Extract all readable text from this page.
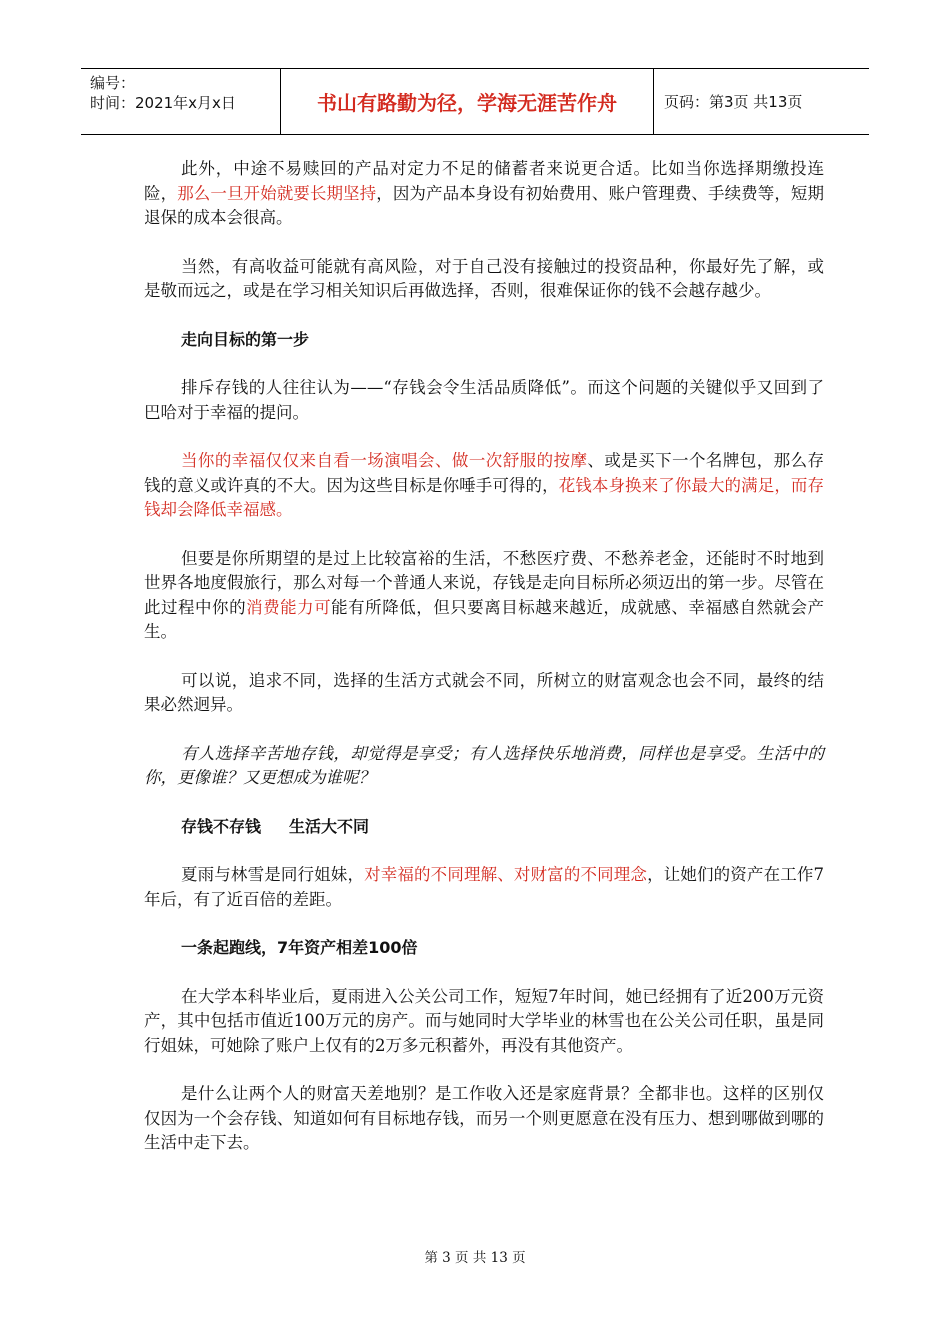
编号：
时间：2021年x月x日	书山有路勤为径，学海无涯苦作舟	页码：第3页 共13页

此外，中途不易赎回的产品对定力不足的储蓄者来说更合适。比如当你选择期缴投连险，那么一旦开始就要长期坚持，因为产品本身设有初始费用、账户管理费、手续费等，短期退保的成本会很高。

当然，有高收益可能就有高风险，对于自己没有接触过的投资品种，你最好先了解，或是敬而远之，或是在学习相关知识后再做选择，否则，很难保证你的钱不会越存越少。

走向目标的第一步

排斥存钱的人往往认为——“存钱会令生活品质降低”。而这个问题的关键似乎又回到了巴哈对于幸福的提问。

当你的幸福仅仅来自看一场演唱会、做一次舒服的按摩、或是买下一个名牌包，那么存钱的意义或许真的不大。因为这些目标是你唾手可得的，花钱本身换来了你最大的满足，而存钱却会降低幸福感。

但要是你所期望的是过上比较富裕的生活，不愁医疗费、不愁养老金，还能时不时地到世界各地度假旅行，那么对每一个普通人来说，存钱是走向目标所必须迈出的第一步。尽管在此过程中你的消费能力可能有所降低，但只要离目标越来越近，成就感、幸福感自然就会产生。

可以说，追求不同，选择的生活方式就会不同，所树立的财富观念也会不同，最终的结果必然迥异。

有人选择辛苦地存钱，却觉得是享受；有人选择快乐地消费，同样也是享受。生活中的你，更像谁？又更想成为谁呢？

存钱不存钱 生活大不同

夏雨与林雪是同行姐妹，对幸福的不同理解、对财富的不同理念，让她们的资产在工作7年后，有了近百倍的差距。

一条起跑线，7年资产相差100倍

在大学本科毕业后，夏雨进入公关公司工作，短短7年时间，她已经拥有了近200万元资产，其中包括市值近100万元的房产。而与她同时大学毕业的林雪也在公关公司任职，虽是同行姐妹，可她除了账户上仅有的2万多元积蓄外，再没有其他资产。

是什么让两个人的财富天差地别？是工作收入还是家庭背景？全都非也。这样的区别仅仅因为一个会存钱、知道如何有目标地存钱，而另一个则更愿意在没有压力、想到哪做到哪的生活中走下去。

第 3 页 共 13 页
